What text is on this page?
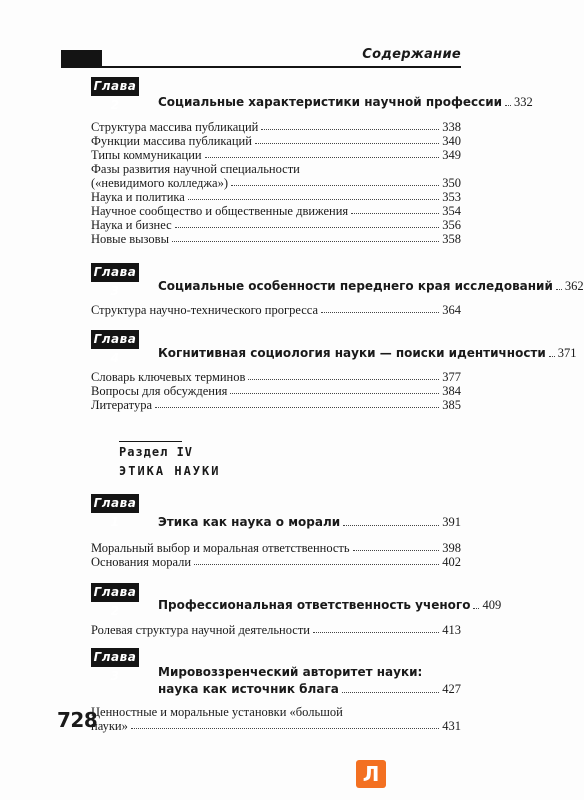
Содержание
Глава 2	Социальные характеристики научной профессии 332
Структура массива публикаций	338
Функции массива публикаций	340
Типы коммуникации	349
Фазы развития научной специальности
(«невидимого колледжа»)	350
Наука и политика	353
Научное сообщество и общественные движения	354
Наука и бизнес	356
Новые вызовы	358
Глава 3	Социальные особенности переднего края исследований 362
Структура научно-технического прогресса	364
Глава 4	Когнитивная социология науки — поиски идентичности 371
Словарь ключевых терминов	377
Вопросы для обсуждения	384
Литература	385
Раздел IV
ЭТИКА НАУКИ
Глава 1	Этика как наука о морали	391
Моральный выбор и моральная ответственность	398
Основания морали	402
Глава 2	Профессиональная ответственность ученого 409
Ролевая структура научной деятельности	413
Глава 3	Мировоззренческий авторитет науки:
наука как источник блага	427
Ценностные и моральные установки «большой
науки»	431
728
Л
